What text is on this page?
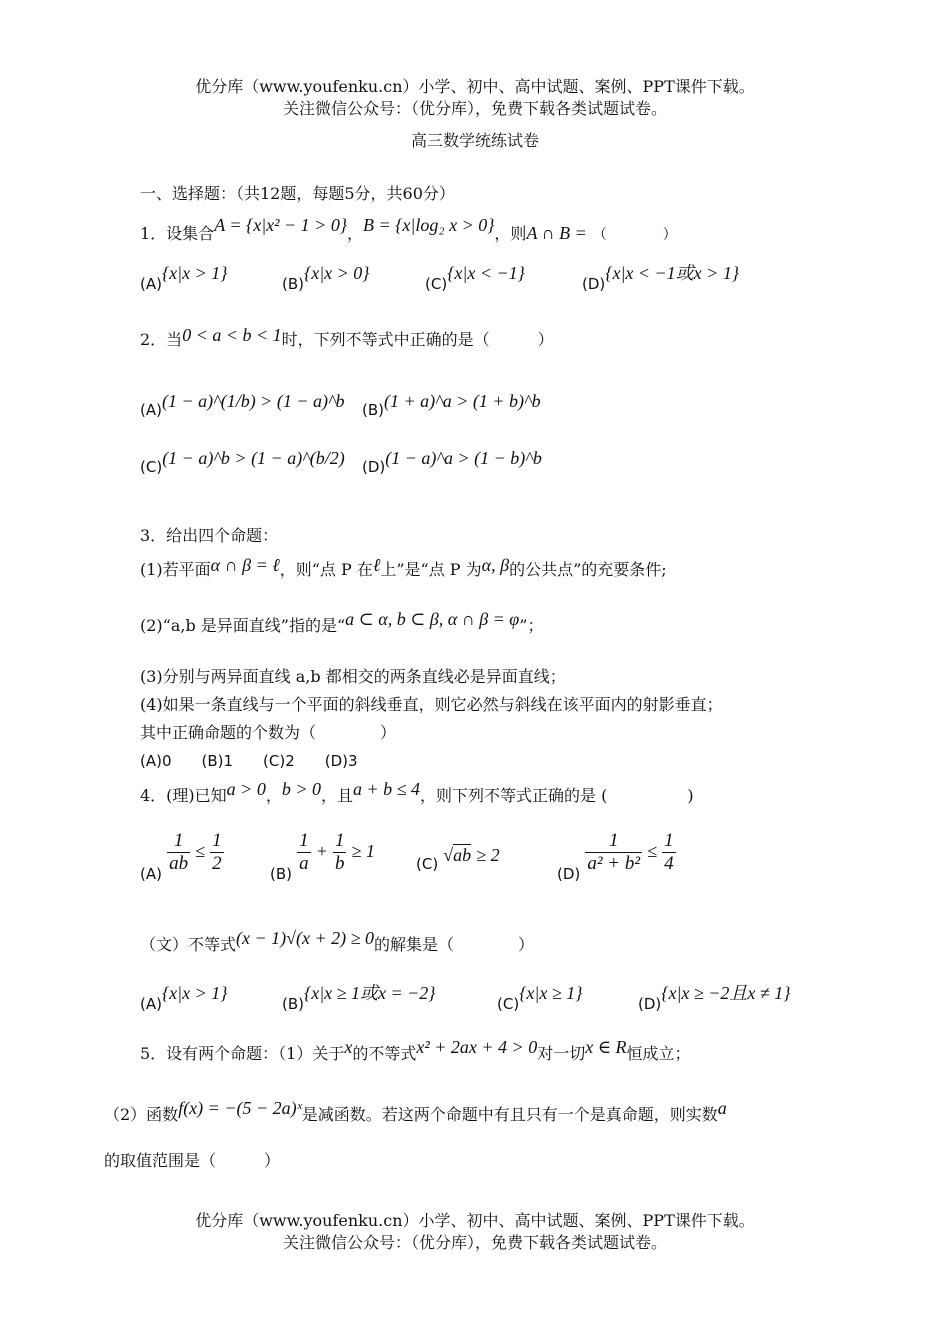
优分库（www.youfenku.cn）小学、初中、高中试题、案例、PPT课件下载。
关注微信公众号：（优分库），免费下载各类试题试卷。
高三数学统练试卷
一、选择题：（共12题，每题5分，共60分）
1．设集合A = {x|x² − 1 > 0}，B = {x|log₂ x > 0}，则A ∩ B = （　　　　）
(A){x|x > 1}
(B){x|x > 0}
(C){x|x < −1}
(D){x|x < −1或x > 1}
2．当0 < a < b < 1时，下列不等式中正确的是（　　　）
(A)(1 − a)^(1/b) > (1 − a)^b (B)(1 + a)^a > (1 + b)^b
(C)(1 − a)^b > (1 − a)^(b/2) (D)(1 − a)^a > (1 − b)^b
3．给出四个命题：
(1)若平面α ∩ β = ℓ，则“点 P 在ℓ上”是“点 P 为α, β的公共点”的充要条件;
(2)“a,b 是异面直线”指的是“a ⊂ α, b ⊂ β, α ∩ β = φ”；
(3)分别与两异面直线 a,b 都相交的两条直线必是异面直线；
(4)如果一条直线与一个平面的斜线垂直，则它必然与斜线在该平面内的射影垂直；
其中正确命题的个数为（　　　　）
(A)0　　(B)1　　(C)2　　(D)3
4．(理)已知a > 0，b > 0，且a + b ≤ 4，则下列不等式正确的是 (　　　　　)
$(A) \frac{1}{ab} \le \frac{1}{2}$	$(B) \frac{1}{a} + \frac{1}{b} \ge 1$
(C) √ab ≥ 2
$(D) \frac{1}{\text{a² + b²}} \le \frac{1}{4}$
（文）不等式(x − 1)√(x + 2) ≥ 0的解集是（　　　　）
(A){x|x > 1}
(B){x|x ≥ 1或x = −2}
(C){x|x ≥ 1}
(D){x|x ≥ −2且x ≠ 1}
5．设有两个命题：（1）关于x的不等式x² + 2ax + 4 > 0对一切x ∈ R恒成立；
（2）函数f(x) = −(5 − 2a)ˣ是减函数。若这两个命题中有且只有一个是真命题，则实数a
的取值范围是（　　　）
优分库（www.youfenku.cn）小学、初中、高中试题、案例、PPT课件下载。
关注微信公众号：（优分库），免费下载各类试题试卷。
